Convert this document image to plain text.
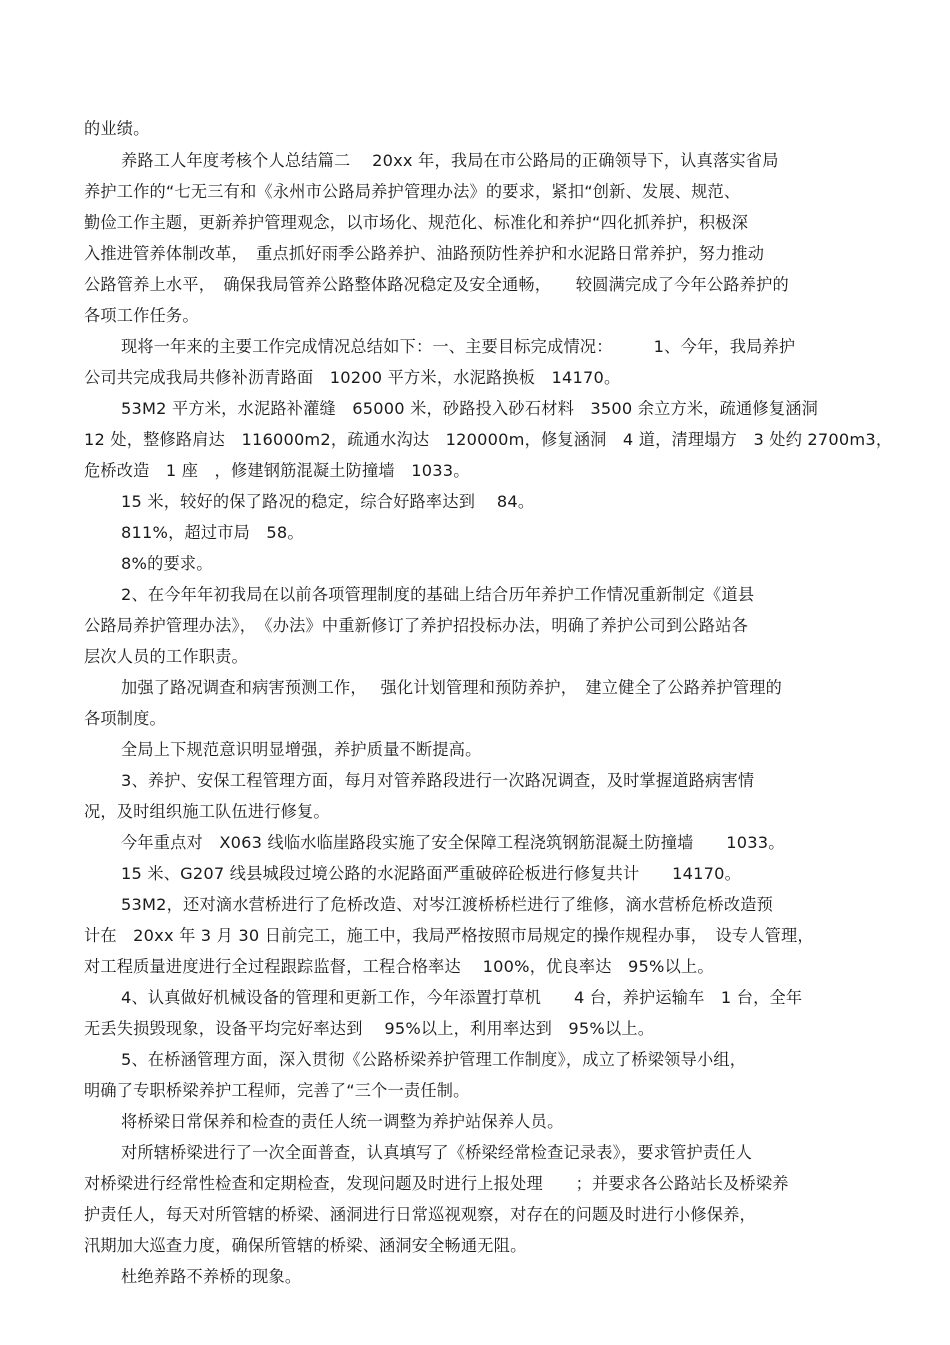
的业绩。
养路工人年度考核个人总结篇二　 20xx 年，我局在市公路局的正确领导下，认真落实省局
养护工作的“七无三有和《永州市公路局养护管理办法》的要求，紧扣“创新、发展、规范、
勤俭工作主题，更新养护管理观念，以市场化、规范化、标准化和养护“四化抓养护，积极深
入推进管养体制改革，　重点抓好雨季公路养护、油路预防性养护和水泥路日常养护，努力推动
公路管养上水平，　确保我局管养公路整体路况稳定及安全通畅，　　较圆满完成了今年公路养护的
各项工作任务。
现将一年来的主要工作完成情况总结如下：一、主要目标完成情况：　　　1、今年，我局养护
公司共完成我局共修补沥青路面　10200 平方米，水泥路换板　14170。
53M2 平方米，水泥路补灌缝　65000 米，砂路投入砂石材料　3500 余立方米，疏通修复涵洞
12 处，整修路肩达　116000m2，疏通水沟达　120000m，修复涵洞　4 道，清理塌方　3 处约 2700m3，
危桥改造　1 座　，修建钢筋混凝土防撞墙　1033。
15 米，较好的保了路况的稳定，综合好路率达到　 84。
811%，超过市局　58。
8%的要求。
2、在今年年初我局在以前各项管理制度的基础上结合历年养护工作情况重新制定《道县
公路局养护管理办法》，　《办法》中重新修订了养护招投标办法，明确了养护公司到公路站各
层次人员的工作职责。
加强了路况调查和病害预测工作，　 强化计划管理和预防养护，　建立健全了公路养护管理的
各项制度。
全局上下规范意识明显增强，养护质量不断提高。
3、养护、安保工程管理方面，每月对管养路段进行一次路况调查，及时掌握道路病害情
况，及时组织施工队伍进行修复。
今年重点对　X063 线临水临崖路段实施了安全保障工程浇筑钢筋混凝土防撞墙　　1033。
15 米、G207 线县城段过境公路的水泥路面严重破碎砼板进行修复共计　　14170。
53M2，还对滴水营桥进行了危桥改造、对岑江渡桥桥栏进行了维修，滴水营桥危桥改造预
计在　20xx 年 3 月 30 日前完工，施工中，我局严格按照市局规定的操作规程办事，　设专人管理，
对工程质量进度进行全过程跟踪监督，工程合格率达　 100%，优良率达　95%以上。
4、认真做好机械设备的管理和更新工作，今年添置打草机　　4 台，养护运输车　1 台，全年
无丢失损毁现象，设备平均完好率达到　 95%以上，利用率达到　95%以上。
5、在桥涵管理方面，深入贯彻《公路桥梁养护管理工作制度》，成立了桥梁领导小组，
明确了专职桥梁养护工程师，完善了“三个一责任制。
将桥梁日常保养和检查的责任人统一调整为养护站保养人员。
对所辖桥梁进行了一次全面普查，认真填写了《桥梁经常检查记录表》，要求管护责任人
对桥梁进行经常性检查和定期检查，发现问题及时进行上报处理　　；并要求各公路站长及桥梁养
护责任人，每天对所管辖的桥梁、涵洞进行日常巡视观察，对存在的问题及时进行小修保养，
汛期加大巡查力度，确保所管辖的桥梁、涵洞安全畅通无阻。
杜绝养路不养桥的现象。
